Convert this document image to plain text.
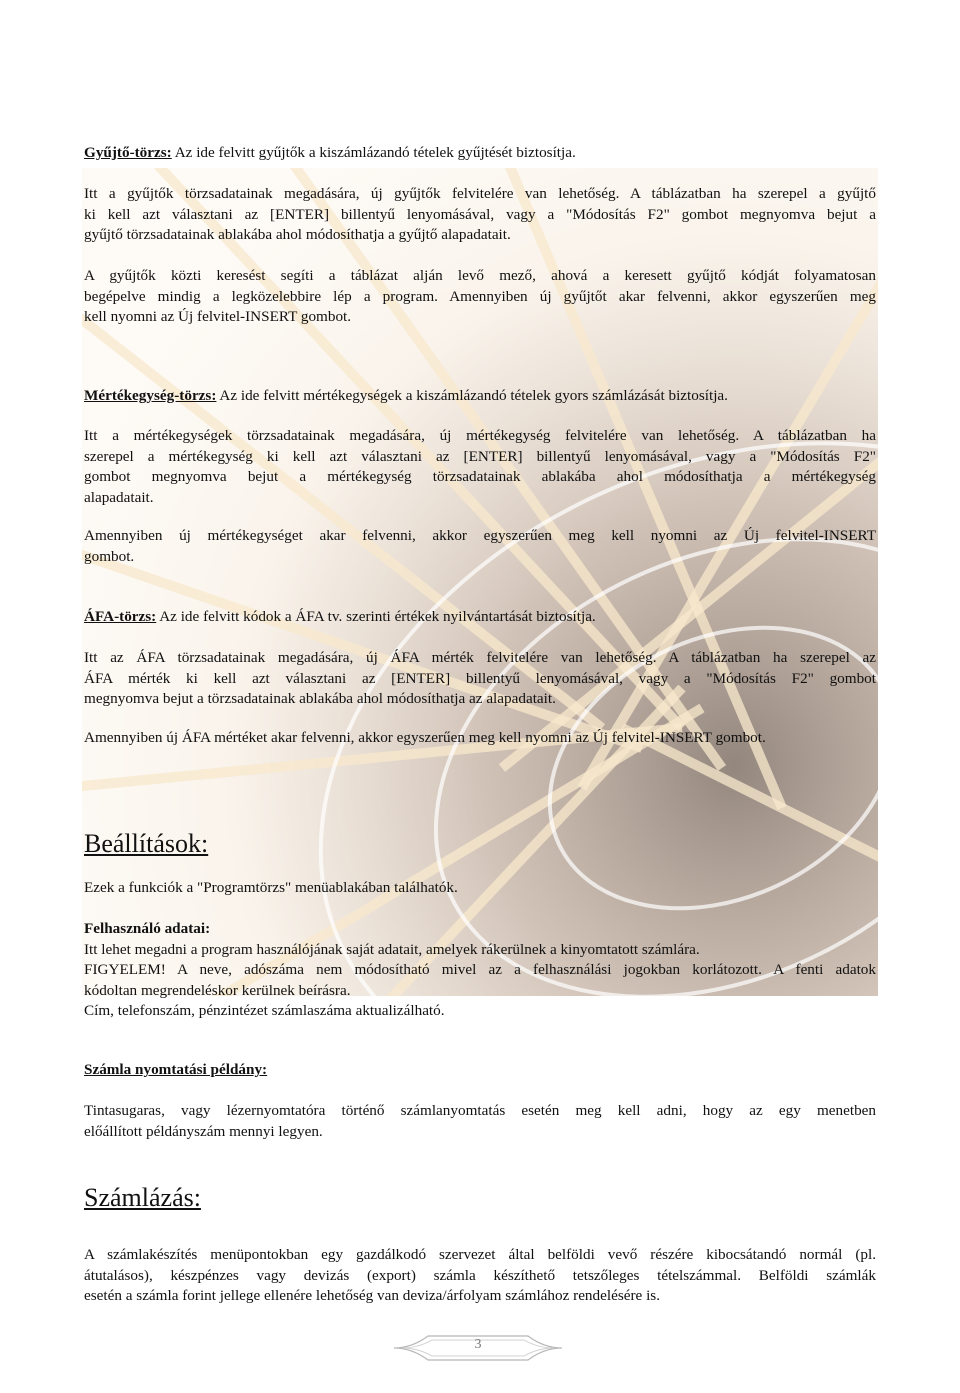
Gyűjtő-törzs: Az ide felvitt gyűjtők a kiszámlázandó tételek gyűjtését biztosítja.

Itt a gyűjtők törzsadatainak megadására, új gyűjtők felvitelére van lehetőség. A táblázatban ha szerepel a gyűjtő
ki kell azt választani az [ENTER] billentyű lenyomásával, vagy a "Módosítás F2" gombot megnyomva bejut a
gyűjtő törzsadatainak ablakába ahol módosíthatja a gyűjtő alapadatait.

A gyűjtők közti keresést segíti a táblázat alján levő mező, ahová a keresett gyűjtő kódját folyamatosan
begépelve mindig a legközelebbire lép a program. Amennyiben új gyűjtőt akar felvenni, akkor egyszerűen meg
kell nyomni az Új felvitel-INSERT gombot.

Mértékegység-törzs: Az ide felvitt mértékegységek a kiszámlázandó tételek gyors számlázását biztosítja.

Itt a mértékegységek törzsadatainak megadására, új mértékegység felvitelére van lehetőség. A táblázatban ha
szerepel a mértékegység ki kell azt választani az [ENTER] billentyű lenyomásával, vagy a "Módosítás F2"
gombot megnyomva bejut a mértékegység törzsadatainak ablakába ahol módosíthatja a mértékegység
alapadatait.

Amennyiben új mértékegységet akar felvenni, akkor egyszerűen meg kell nyomni az Új felvitel-INSERT
gombot.

ÁFA-törzs: Az ide felvitt kódok a ÁFA tv. szerinti értékek nyilvántartását biztosítja.

Itt az ÁFA törzsadatainak megadására, új ÁFA mérték felvitelére van lehetőség. A táblázatban ha szerepel az
ÁFA mérték ki kell azt választani az [ENTER] billentyű lenyomásával, vagy a "Módosítás F2" gombot
megnyomva bejut a törzsadatainak ablakába ahol módosíthatja az alapadatait.

Amennyiben új ÁFA mértéket akar felvenni, akkor egyszerűen meg kell nyomni az Új felvitel-INSERT gombot.

Beállítások:

Ezek a funkciók a "Programtörzs" menüablakában találhatók.

Felhasználó adatai:
Itt lehet megadni a program használójának saját adatait, amelyek rákerülnek a kinyomtatott számlára.
FIGYELEM! A neve, adószáma nem módosítható mivel az a felhasználási jogokban korlátozott. A fenti adatok
kódoltan megrendeléskor kerülnek beírásra.
Cím, telefonszám, pénzintézet számlaszáma aktualizálható.

Számla nyomtatási példány:

Tintasugaras, vagy lézernyomtatóra történő számlanyomtatás esetén meg kell adni, hogy az egy menetben
előállított példányszám mennyi legyen.

Számlázás:

A számlakészítés menüpontokban egy gazdálkodó szervezet által belföldi vevő részére kibocsátandó normál (pl.
átutalásos), készpénzes vagy devizás (export) számla készíthető tetszőleges tételszámmal. Belföldi számlák
esetén a számla forint jellege ellenére lehetőség van deviza/árfolyam számlához rendelésére is.

3
